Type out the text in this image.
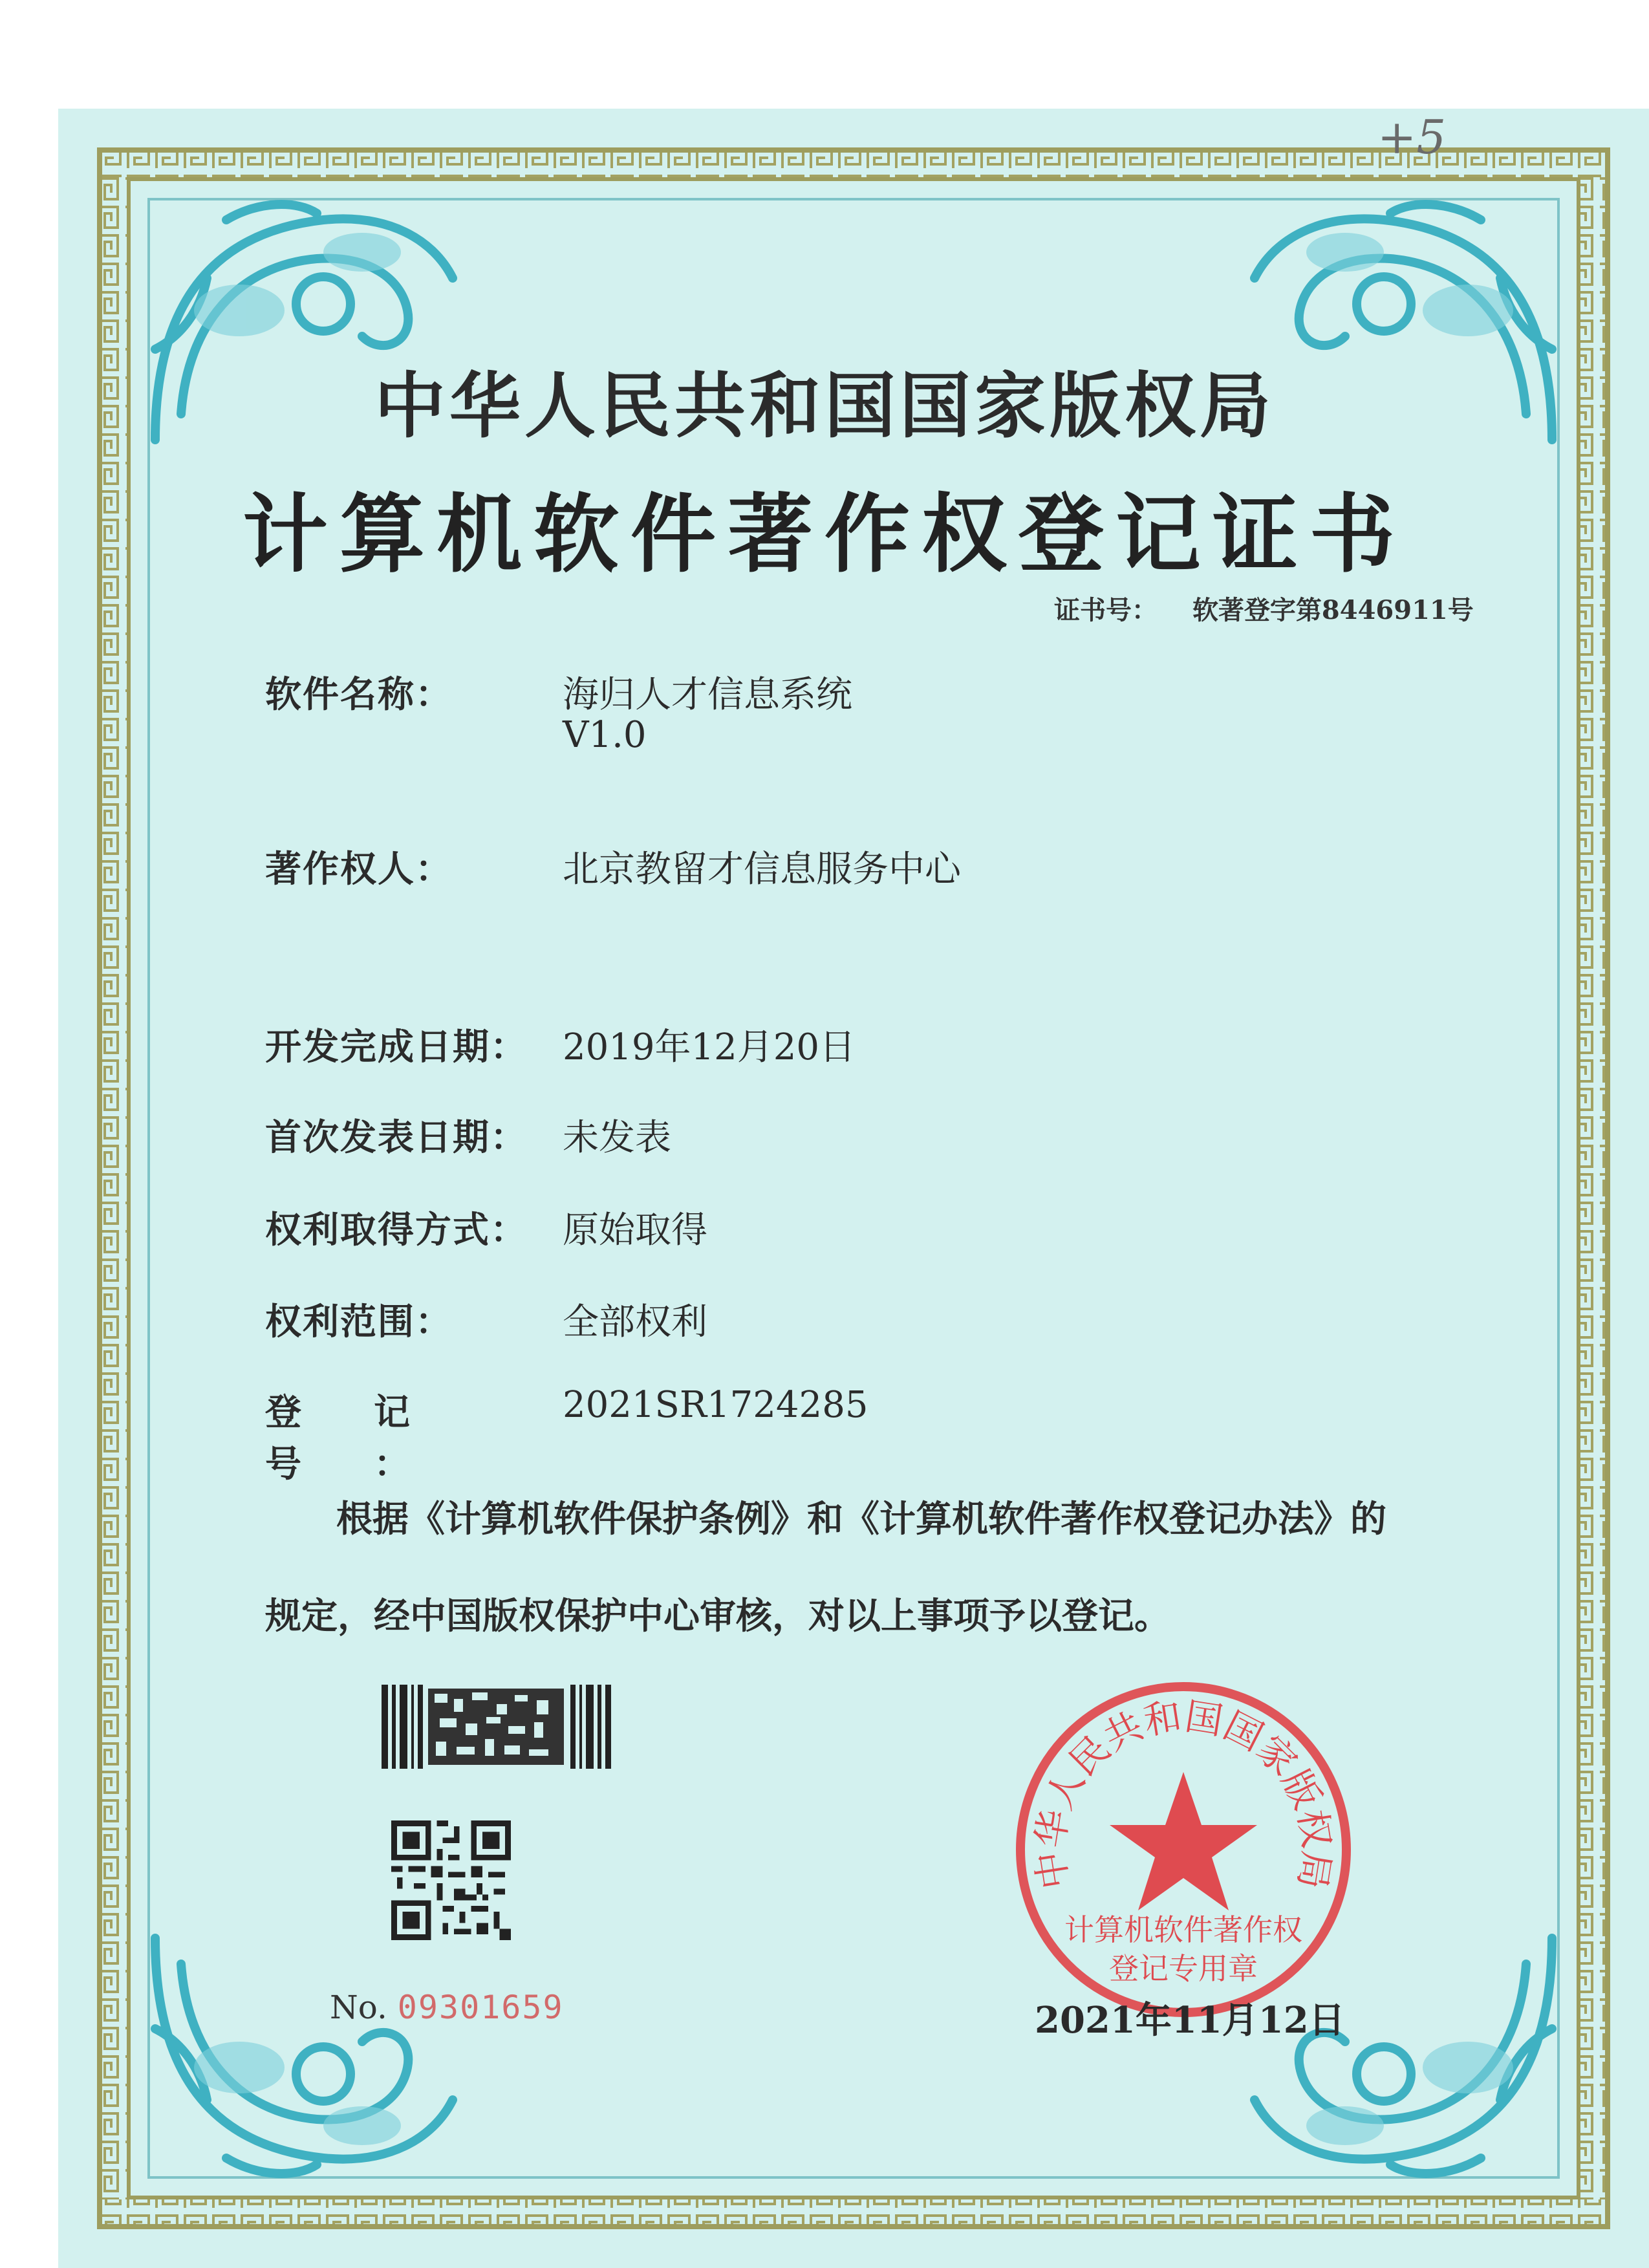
+5
中华人民共和国国家版权局
计算机软件著作权登记证书
证书号： 软著登字第8446911号
软件名称：	海归人才信息系统
V1.0
著作权人：	北京教留才信息服务中心
开发完成日期： 2019年12月20日
首次发表日期： 未发表
权利取得方式： 原始取得
权利范围：	全部权利
登记号：2021SR1724285
根据《计算机软件保护条例》和《计算机软件著作权登记办法》的
规定，经中国版权保护中心审核，对以上事项予以登记。
No. 09301659
中华人民共和国国家版权局
计算机软件著作权
登记专用章
2021年11月12日
